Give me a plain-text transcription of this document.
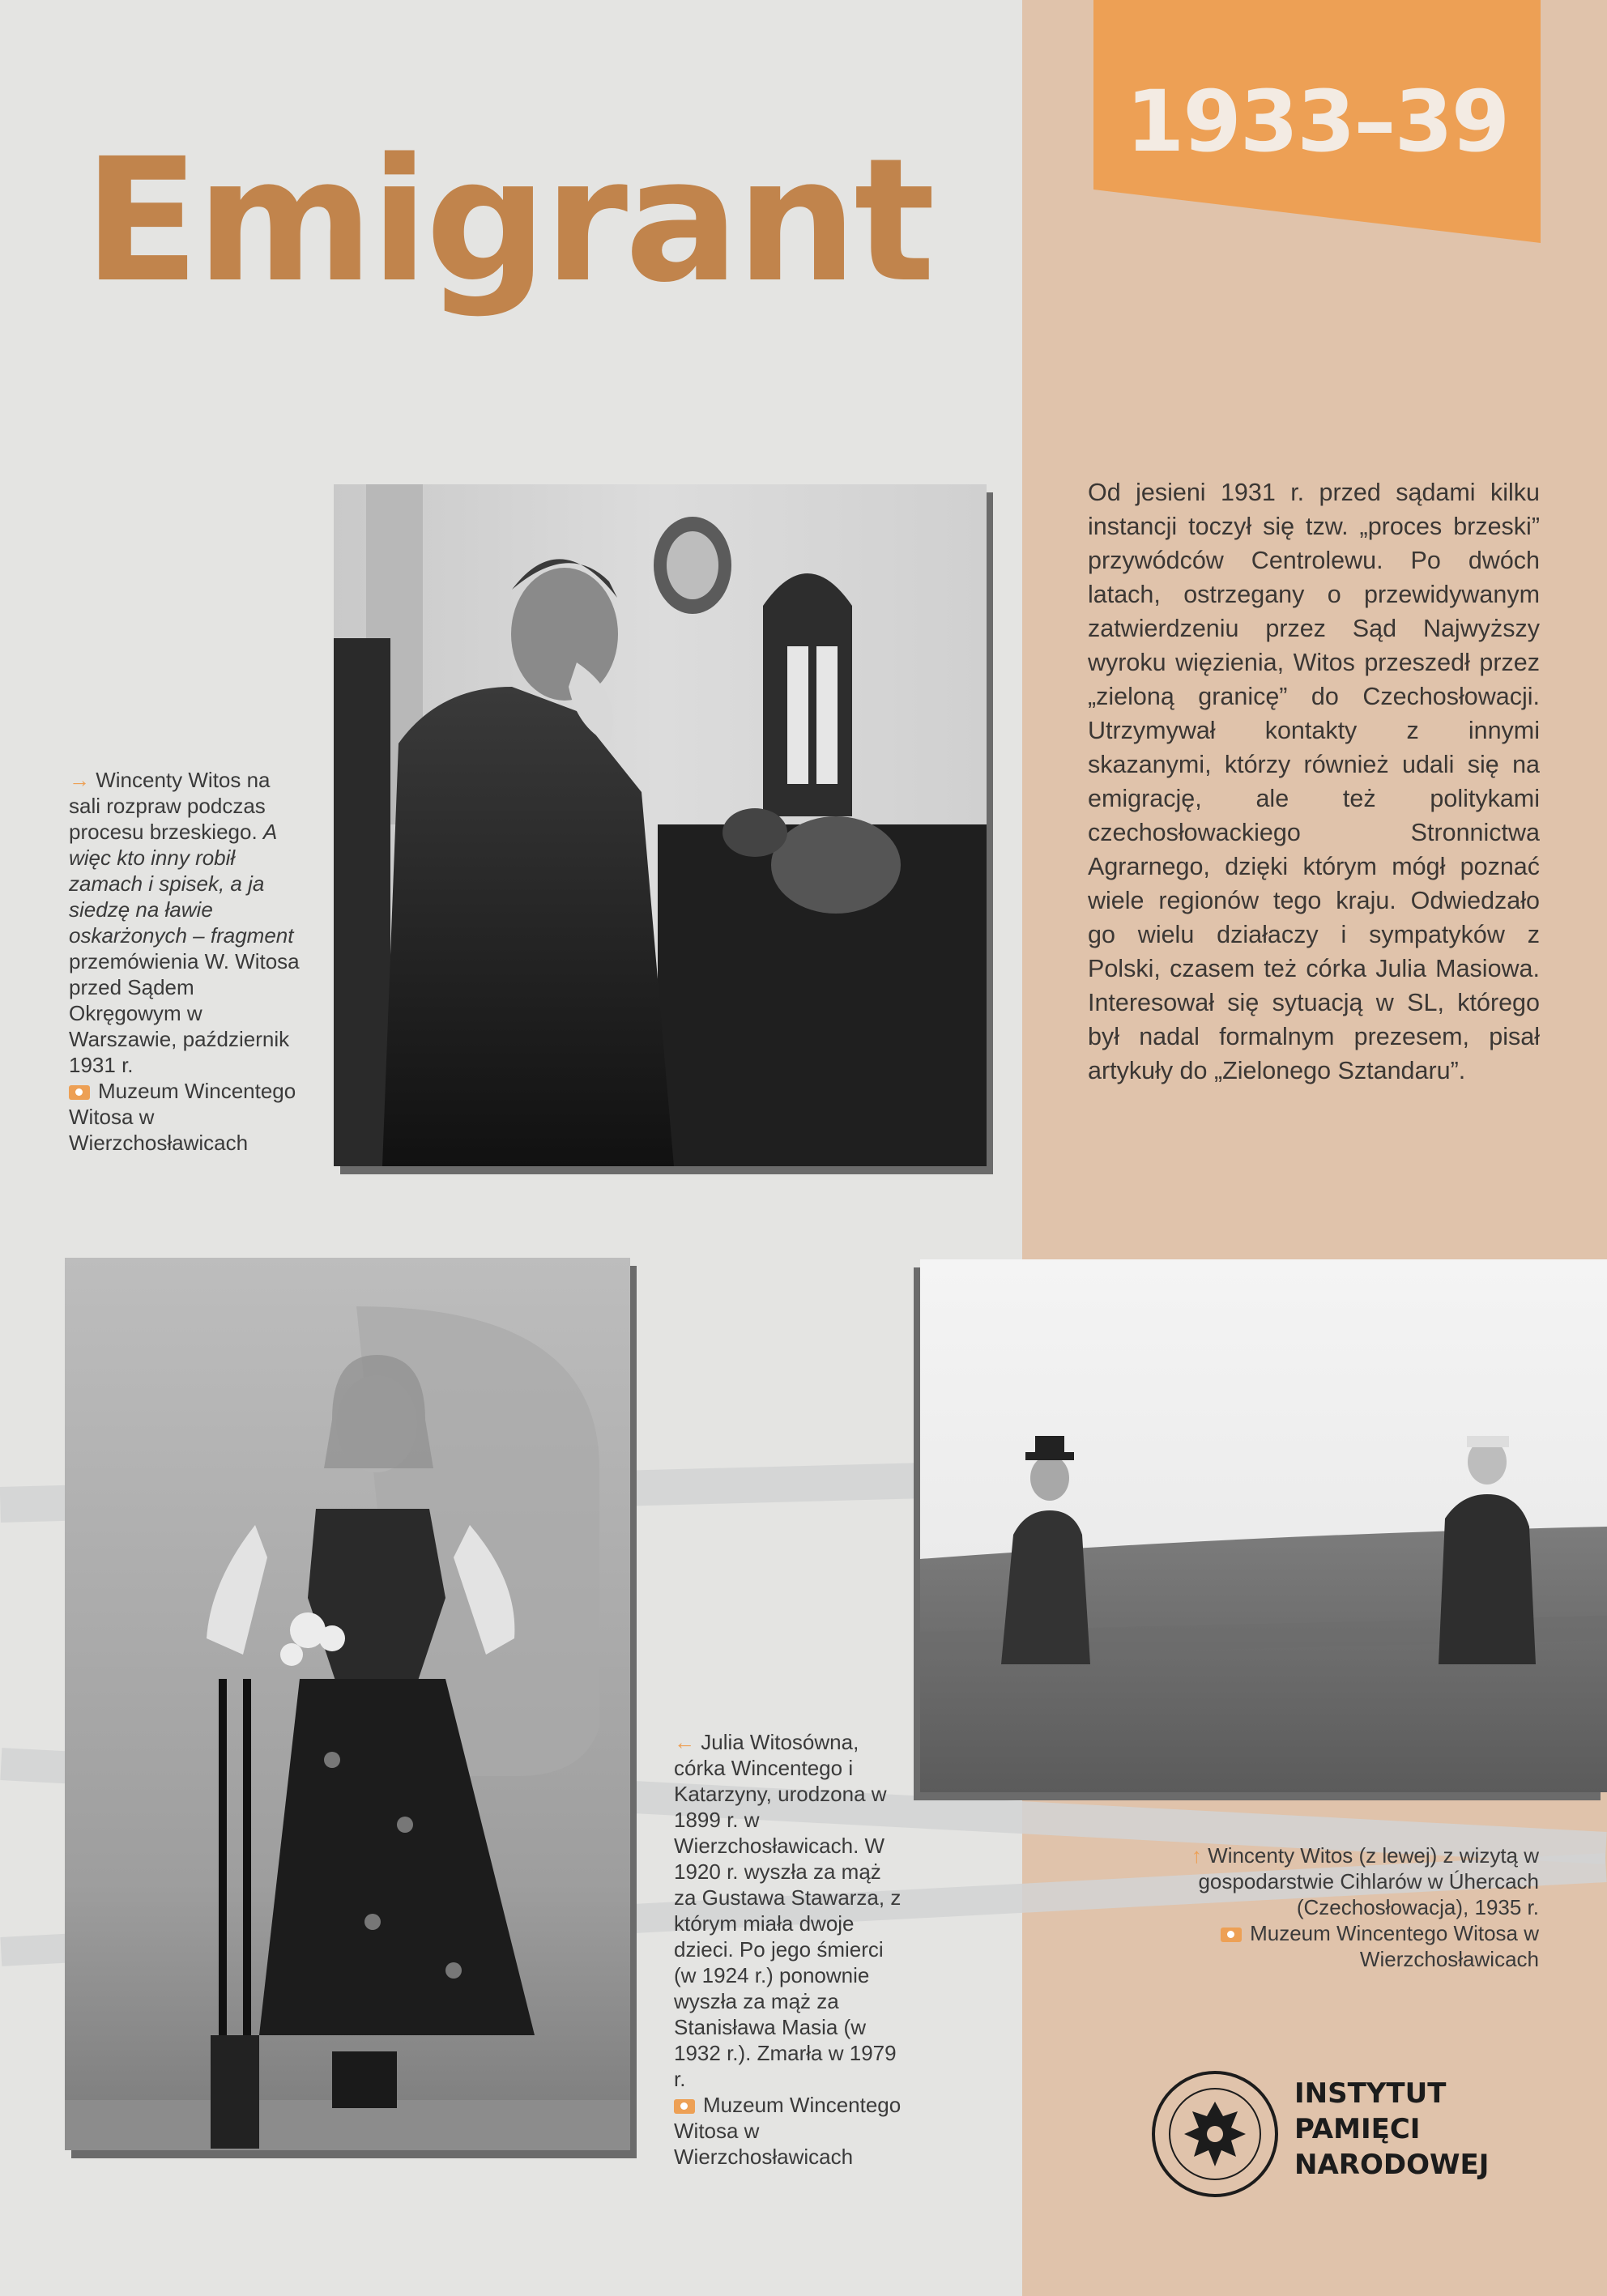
Emigrant 1933–39

Od jesieni 1931 r. przed sądami kilku instancji toczył się tzw. „proces brzeski” przywódców Centrolewu. Po dwóch latach, ostrzegany o przewidywanym zatwierdzeniu przez Sąd Najwyższy wyroku więzienia, Witos przeszedł przez „zieloną granicę” do Czechosłowacji. Utrzymywał kontakty z innymi skazanymi, którzy również udali się na emigrację, ale też politykami czechosłowackiego Stronnictwa Agrarnego, dzięki którym mógł poznać wiele regionów tego kraju. Odwiedzało go wielu działaczy i sympatyków z Polski, czasem też córka Julia Masiowa. Interesował się sytuacją w SL, którego był nadal formalnym prezesem, pisał artykuły do „Zielonego Sztandaru”.

→ Wincenty Witos na sali rozpraw podczas procesu brzeskiego. A więc kto inny robił zamach i spisek, a ja siedzę na ławie oskarżonych – fragment przemówienia W. Witosa przed Sądem Okręgowym w Warszawie, październik 1931 r.
Muzeum Wincentego Witosa w Wierzchosławicach
← Julia Witosówna, córka Wincentego i Katarzyny, urodzona w 1899 r. w Wierzchosławicach. W 1920 r. wyszła za mąż za Gustawa Stawarza, z którym miała dwoje dzieci. Po jego śmierci (w 1924 r.) ponownie wyszła za mąż za Stanisława Masia (w 1932 r.). Zmarła w 1979 r.
Muzeum Wincentego Witosa w Wierzchosławicach
↑ Wincenty Witos (z lewej) z wizytą w gospodarstwie Cihlarów w Úhercach (Czechosłowacja), 1935 r.
Muzeum Wincentego Witosa w Wierzchosławicach
INSTYTUT
PAMIĘCI
NARODOWEJ
